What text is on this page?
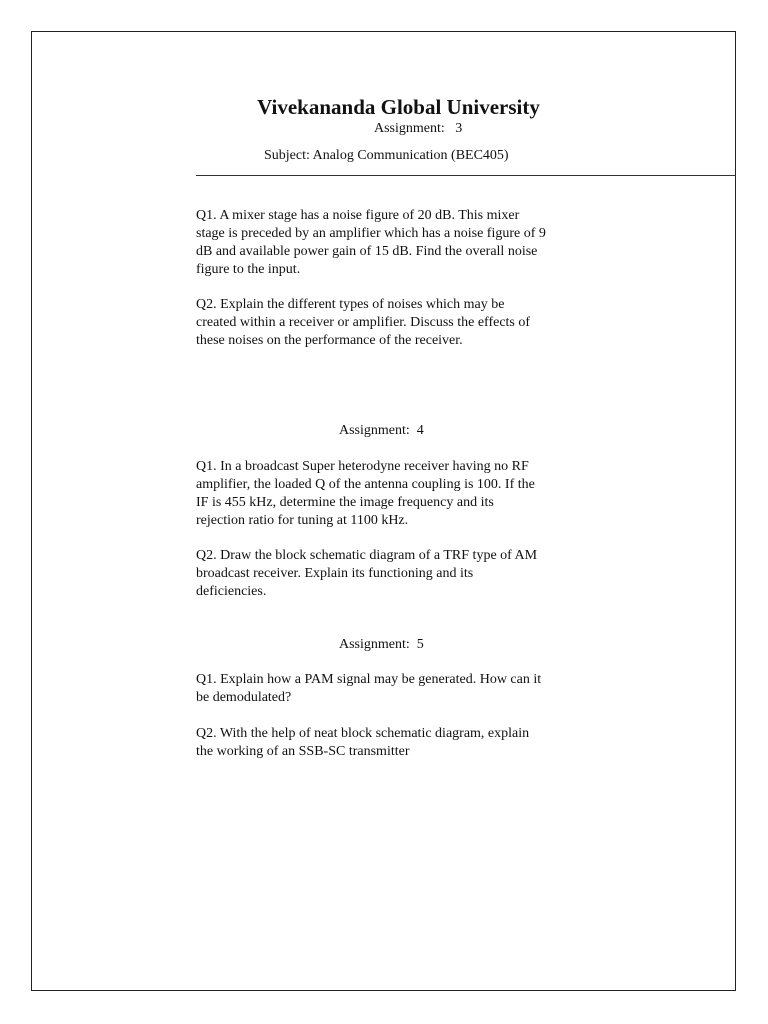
Vivekananda Global University
Assignment:   3
Subject: Analog Communication (BEC405)
Q1. A mixer stage has a noise figure of 20 dB. This mixer
stage is preceded by an amplifier which has a noise figure of 9
dB and available power gain of 15 dB. Find the overall noise
figure to the input.
Q2. Explain the different types of noises which may be
created within a receiver or amplifier. Discuss the effects of
these noises on the performance of the receiver.
Assignment:  4
Q1. In a broadcast Super heterodyne receiver having no RF
amplifier, the loaded Q of the antenna coupling is 100. If the
IF is 455 kHz, determine the image frequency and its
rejection ratio for tuning at 1100 kHz.
Q2. Draw the block schematic diagram of a TRF type of AM
broadcast receiver. Explain its functioning and its
deficiencies.
Assignment:  5
Q1. Explain how a PAM signal may be generated. How can it
be demodulated?
Q2. With the help of neat block schematic diagram, explain
the working of an SSB-SC transmitter
